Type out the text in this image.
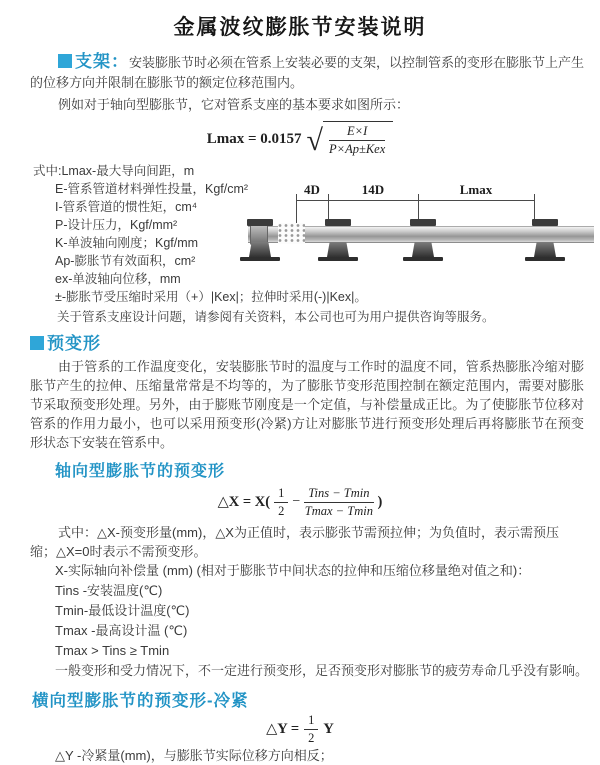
金属波纹膨胀节安装说明

支架：安装膨胀节时必须在管系上安装必要的支架，以控制管系的变形在膨胀节上产生的位移方向并限制在膨胀节的额定位移范围内。

例如对于轴向型膨胀节，它对管系支座的基本要求如图所示：

Lmax = 0.0157 √ $\frac{E\times I}{\text{P×Ap±Kex}}$
式中:Lmax-最大导向间距，m
E-管系管道材料弹性投量，Kgf/cm²
I-管系管道的惯性矩，cm⁴
P-设计压力，Kgf/mm²
K-单波轴向刚度；Kgf/mm
Ap-膨胀节有效面积，cm²
ex-单波轴向位移，mm
±-膨胀节受压缩时采用（+）|Kex|；拉伸时采用(-)|Kex|。
4D	14D	Lmax

关于管系支座设计问题，请参阅有关资料，本公司也可为用户提供咨询等服务。

预变形

由于管系的工作温度变化，安装膨胀节时的温度与工作时的温度不同，管系热膨胀冷缩对膨胀节产生的拉伸、压缩量常常是不均等的，为了膨胀节变形范围控制在额定范围内，需要对膨胀节采取预变形处理。另外，由于膨账节刚度是一个定值，与补偿量成正比。为了使膨胀节位移对管系的作用力最小，也可以采用预变形(冷紧)方让对膨胀节进行预变形处理后再将膨胀节在预变形状态下安装在管系中。

轴向型膨胀节的预变形
△X = $X( \frac{1}{2} - \frac{\text{Tins − Tmin}}{Tmax - Tmin}$ )

式中：△X-预变形量(mm)，△X为正值时，表示膨张节需预拉伸；为负值时，表示需预压缩；△X=0时表示不需预变形。

X-实际轴向补偿量 (mm) (相对于膨胀节中间状态的拉伸和压缩位移量绝对值之和)：
Tins -安装温度(℃)
Tmin-最低设计温度(℃)
Tmax -最高设计温 (℃)
Tmax > Tins ≥ Tmin
一般变形和受力情况下，不一定进行预变形，足否预变形对膨胀节的疲劳寿命几乎没有影响。
横向型膨胀节的预变形-冷紧
△Y = $\frac{1}{2}$ Y
△Y -冷紧量(mm)，与膨胀节实际位移方向相反；
